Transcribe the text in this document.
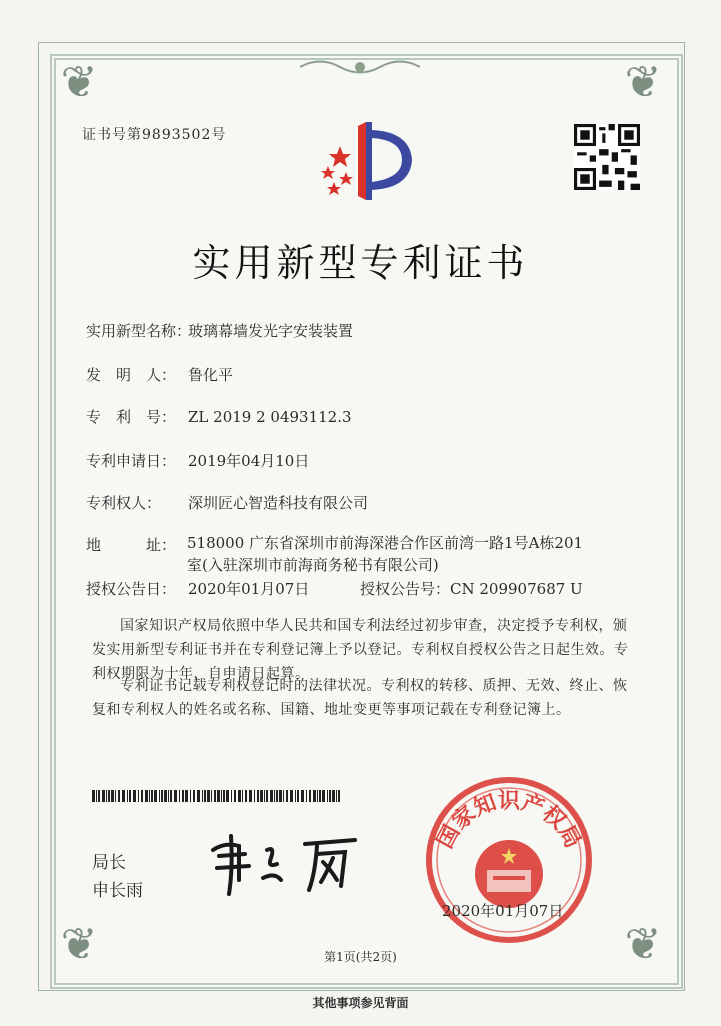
❦	❦
❦	❦
证书号第9893502号
实用新型专利证书
实用新型名称：玻璃幕墙发光字安装装置
发　明　人： 鲁化平
专　利　号： ZL 2019 2 0493112.3
专利申请日： 2019年04月10日
专利权人： 深圳匠心智造科技有限公司
地　　　址： 518000 广东省深圳市前海深港合作区前湾一路1号A栋201
室(入驻深圳市前海商务秘书有限公司)
授权公告日： 2020年01月07日	授权公告号：CN 209907687 U
国家知识产权局依照中华人民共和国专利法经过初步审查，决定授予专利权，颁发实用新型专利证书并在专利登记簿上予以登记。专利权自授权公告之日起生效。专利权期限为十年，自申请日起算。
专利证书记载专利权登记时的法律状况。专利权的转移、质押、无效、终止、恢复和专利权人的姓名或名称、国籍、地址变更等事项记载在专利登记簿上。
局长
申长雨
国家知识产权局
2020年01月07日
第1页(共2页)
其他事项参见背面
